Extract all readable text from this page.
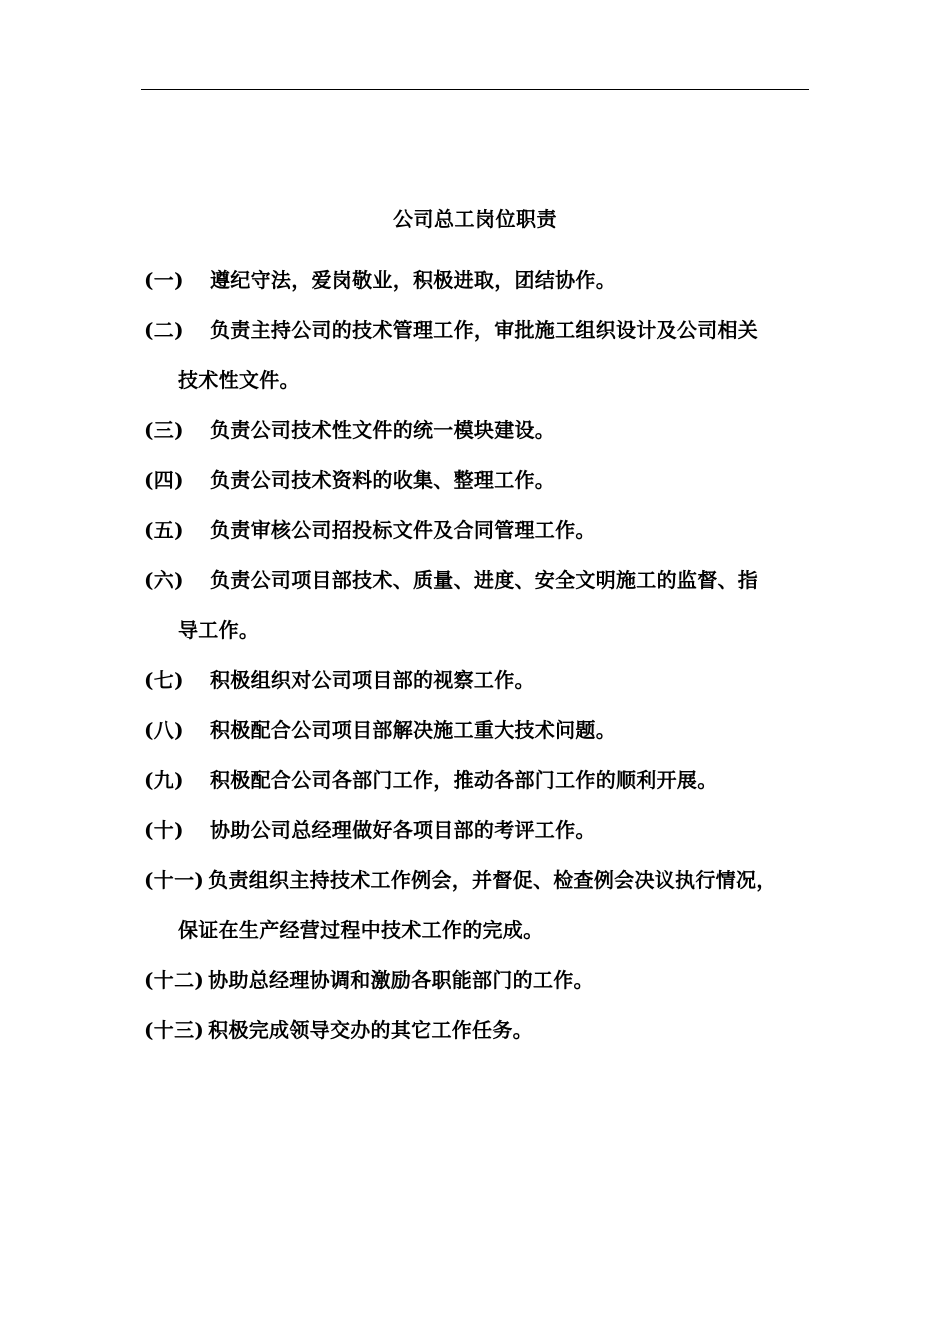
公司总工岗位职责
(一) 遵纪守法，爱岗敬业，积极进取，团结协作。
(二) 负责主持公司的技术管理工作，审批施工组织设计及公司相关
技术性文件。
(三) 负责公司技术性文件的统一模块建设。
(四) 负责公司技术资料的收集、整理工作。
(五) 负责审核公司招投标文件及合同管理工作。
(六) 负责公司项目部技术、质量、进度、安全文明施工的监督、指
导工作。
(七) 积极组织对公司项目部的视察工作。
(八) 积极配合公司项目部解决施工重大技术问题。
(九) 积极配合公司各部门工作，推动各部门工作的顺利开展。
(十) 协助公司总经理做好各项目部的考评工作。
(十一) 负责组织主持技术工作例会，并督促、检查例会决议执行情况，
保证在生产经营过程中技术工作的完成。
(十二) 协助总经理协调和激励各职能部门的工作。
(十三) 积极完成领导交办的其它工作任务。
